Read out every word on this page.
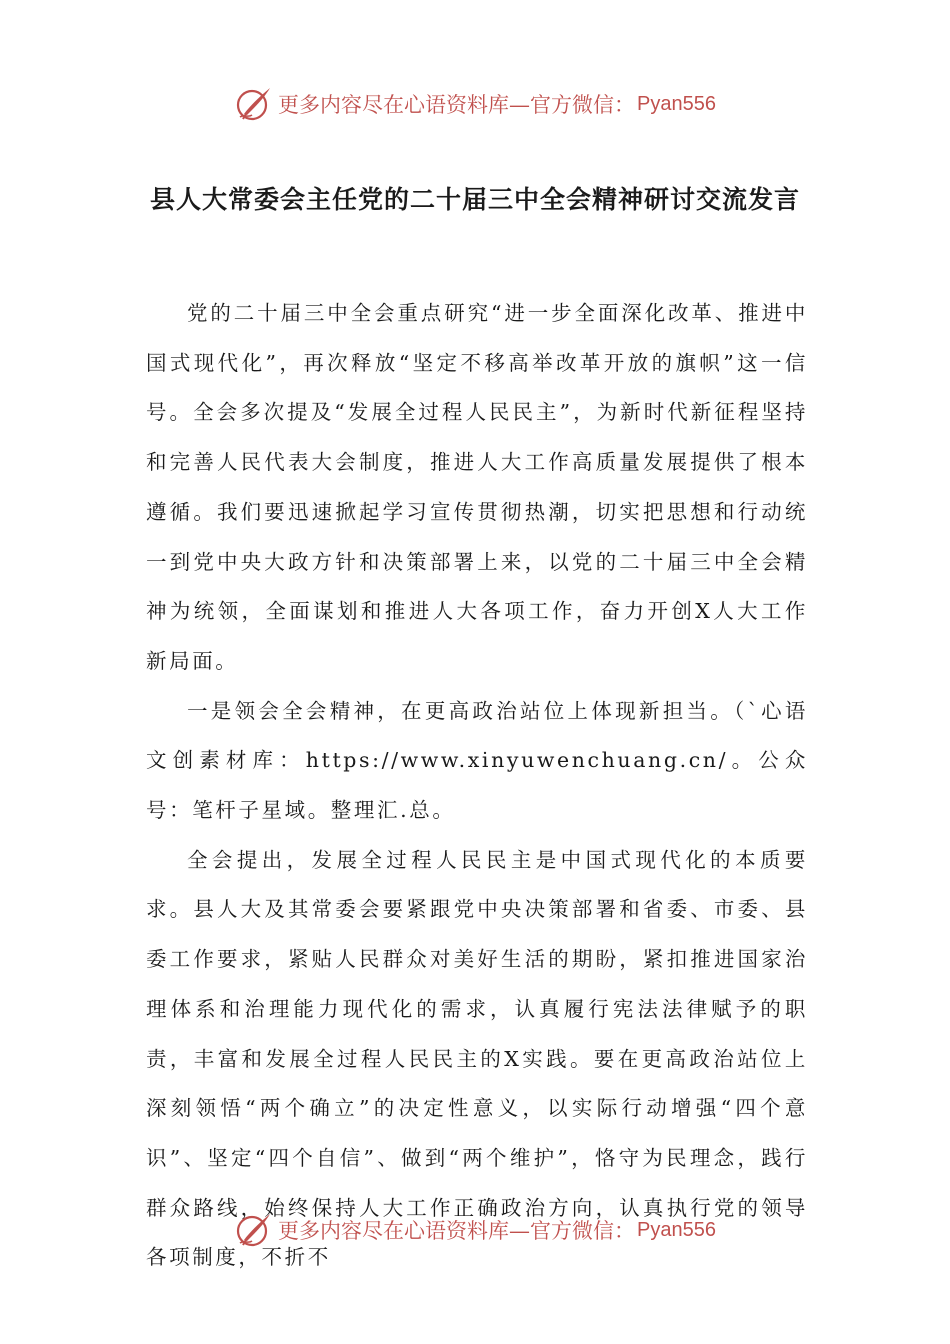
更多内容尽在心语资料库—官方微信： Pyan556
县人大常委会主任党的二十届三中全会精神研讨交流发言

党的二十届三中全会重点研究“进一步全面深化改革、推进中国式现代化”，再次释放“坚定不移高举改革开放的旗帜”这一信号。全会多次提及“发展全过程人民民主”，为新时代新征程坚持和完善人民代表大会制度，推进人大工作高质量发展提供了根本遵循。我们要迅速掀起学习宣传贯彻热潮，切实把思想和行动统一到党中央大政方针和决策部署上来，以党的二十届三中全会精神为统领，全面谋划和推进人大各项工作，奋力开创X人大工作新局面。

一是领会全会精神，在更高政治站位上体现新担当。（`心语文创素材库：https://www.xinyuwenchuang.cn/。公众号：笔杆子星域。整理汇.总。

全会提出，发展全过程人民民主是中国式现代化的本质要求。县人大及其常委会要紧跟党中央决策部署和省委、市委、县委工作要求，紧贴人民群众对美好生活的期盼，紧扣推进国家治理体系和治理能力现代化的需求，认真履行宪法法律赋予的职责，丰富和发展全过程人民民主的X实践。要在更高政治站位上深刻领悟“两个确立”的决定性意义，以实际行动增强“四个意识”、坚定“四个自信”、做到“两个维护”，恪守为民理念，践行群众路线，始终保持人大工作正确政治方向，认真执行党的领导各项制度，不折不

更多内容尽在心语资料库—官方微信： Pyan556
